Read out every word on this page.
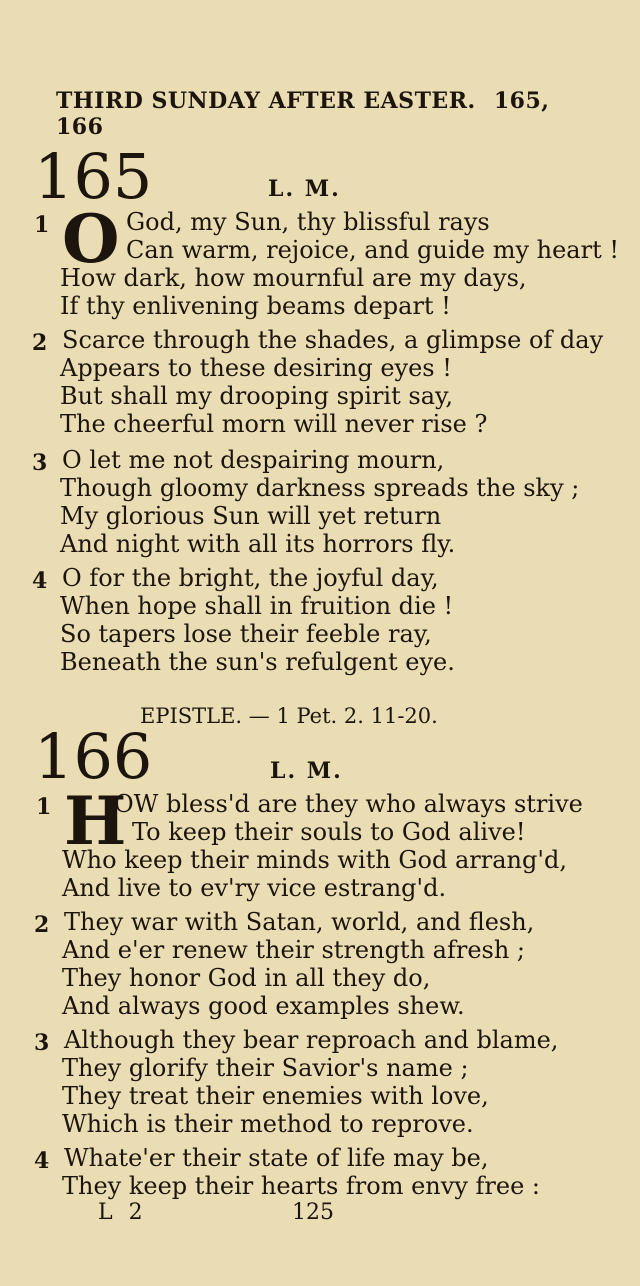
THIRD SUNDAY AFTER EASTER. 165, 166
165	L. M.
1 O God, my Sun, thy blissful rays
Can warm, rejoice, and guide my heart !
How dark, how mournful are my days,
If thy enlivening beams depart !
2 Scarce through the shades, a glimpse of day
Appears to these desiring eyes !
But shall my drooping spirit say,
The cheerful morn will never rise ?
3 O let me not despairing mourn,
Though gloomy darkness spreads the sky ;
My glorious Sun will yet return
And night with all its horrors fly.
4 O for the bright, the joyful day,
When hope shall in fruition die !
So tapers lose their feeble ray,
Beneath the sun's refulgent eye.
EPISTLE. — 1 Pet. 2. 11-20.
166	L. M.
1 H
OW bless'd are they who always strive
To keep their souls to God alive!
Who keep their minds with God arrang'd,
And live to ev'ry vice estrang'd.
2 They war with Satan, world, and flesh,
And e'er renew their strength afresh ;
They honor God in all they do,
And always good examples shew.
3 Although they bear reproach and blame,
They glorify their Savior's name ;
They treat their enemies with love,
Which is their method to reprove.
4 Whate'er their state of life may be,
They keep their hearts from envy free :
L 2	125
